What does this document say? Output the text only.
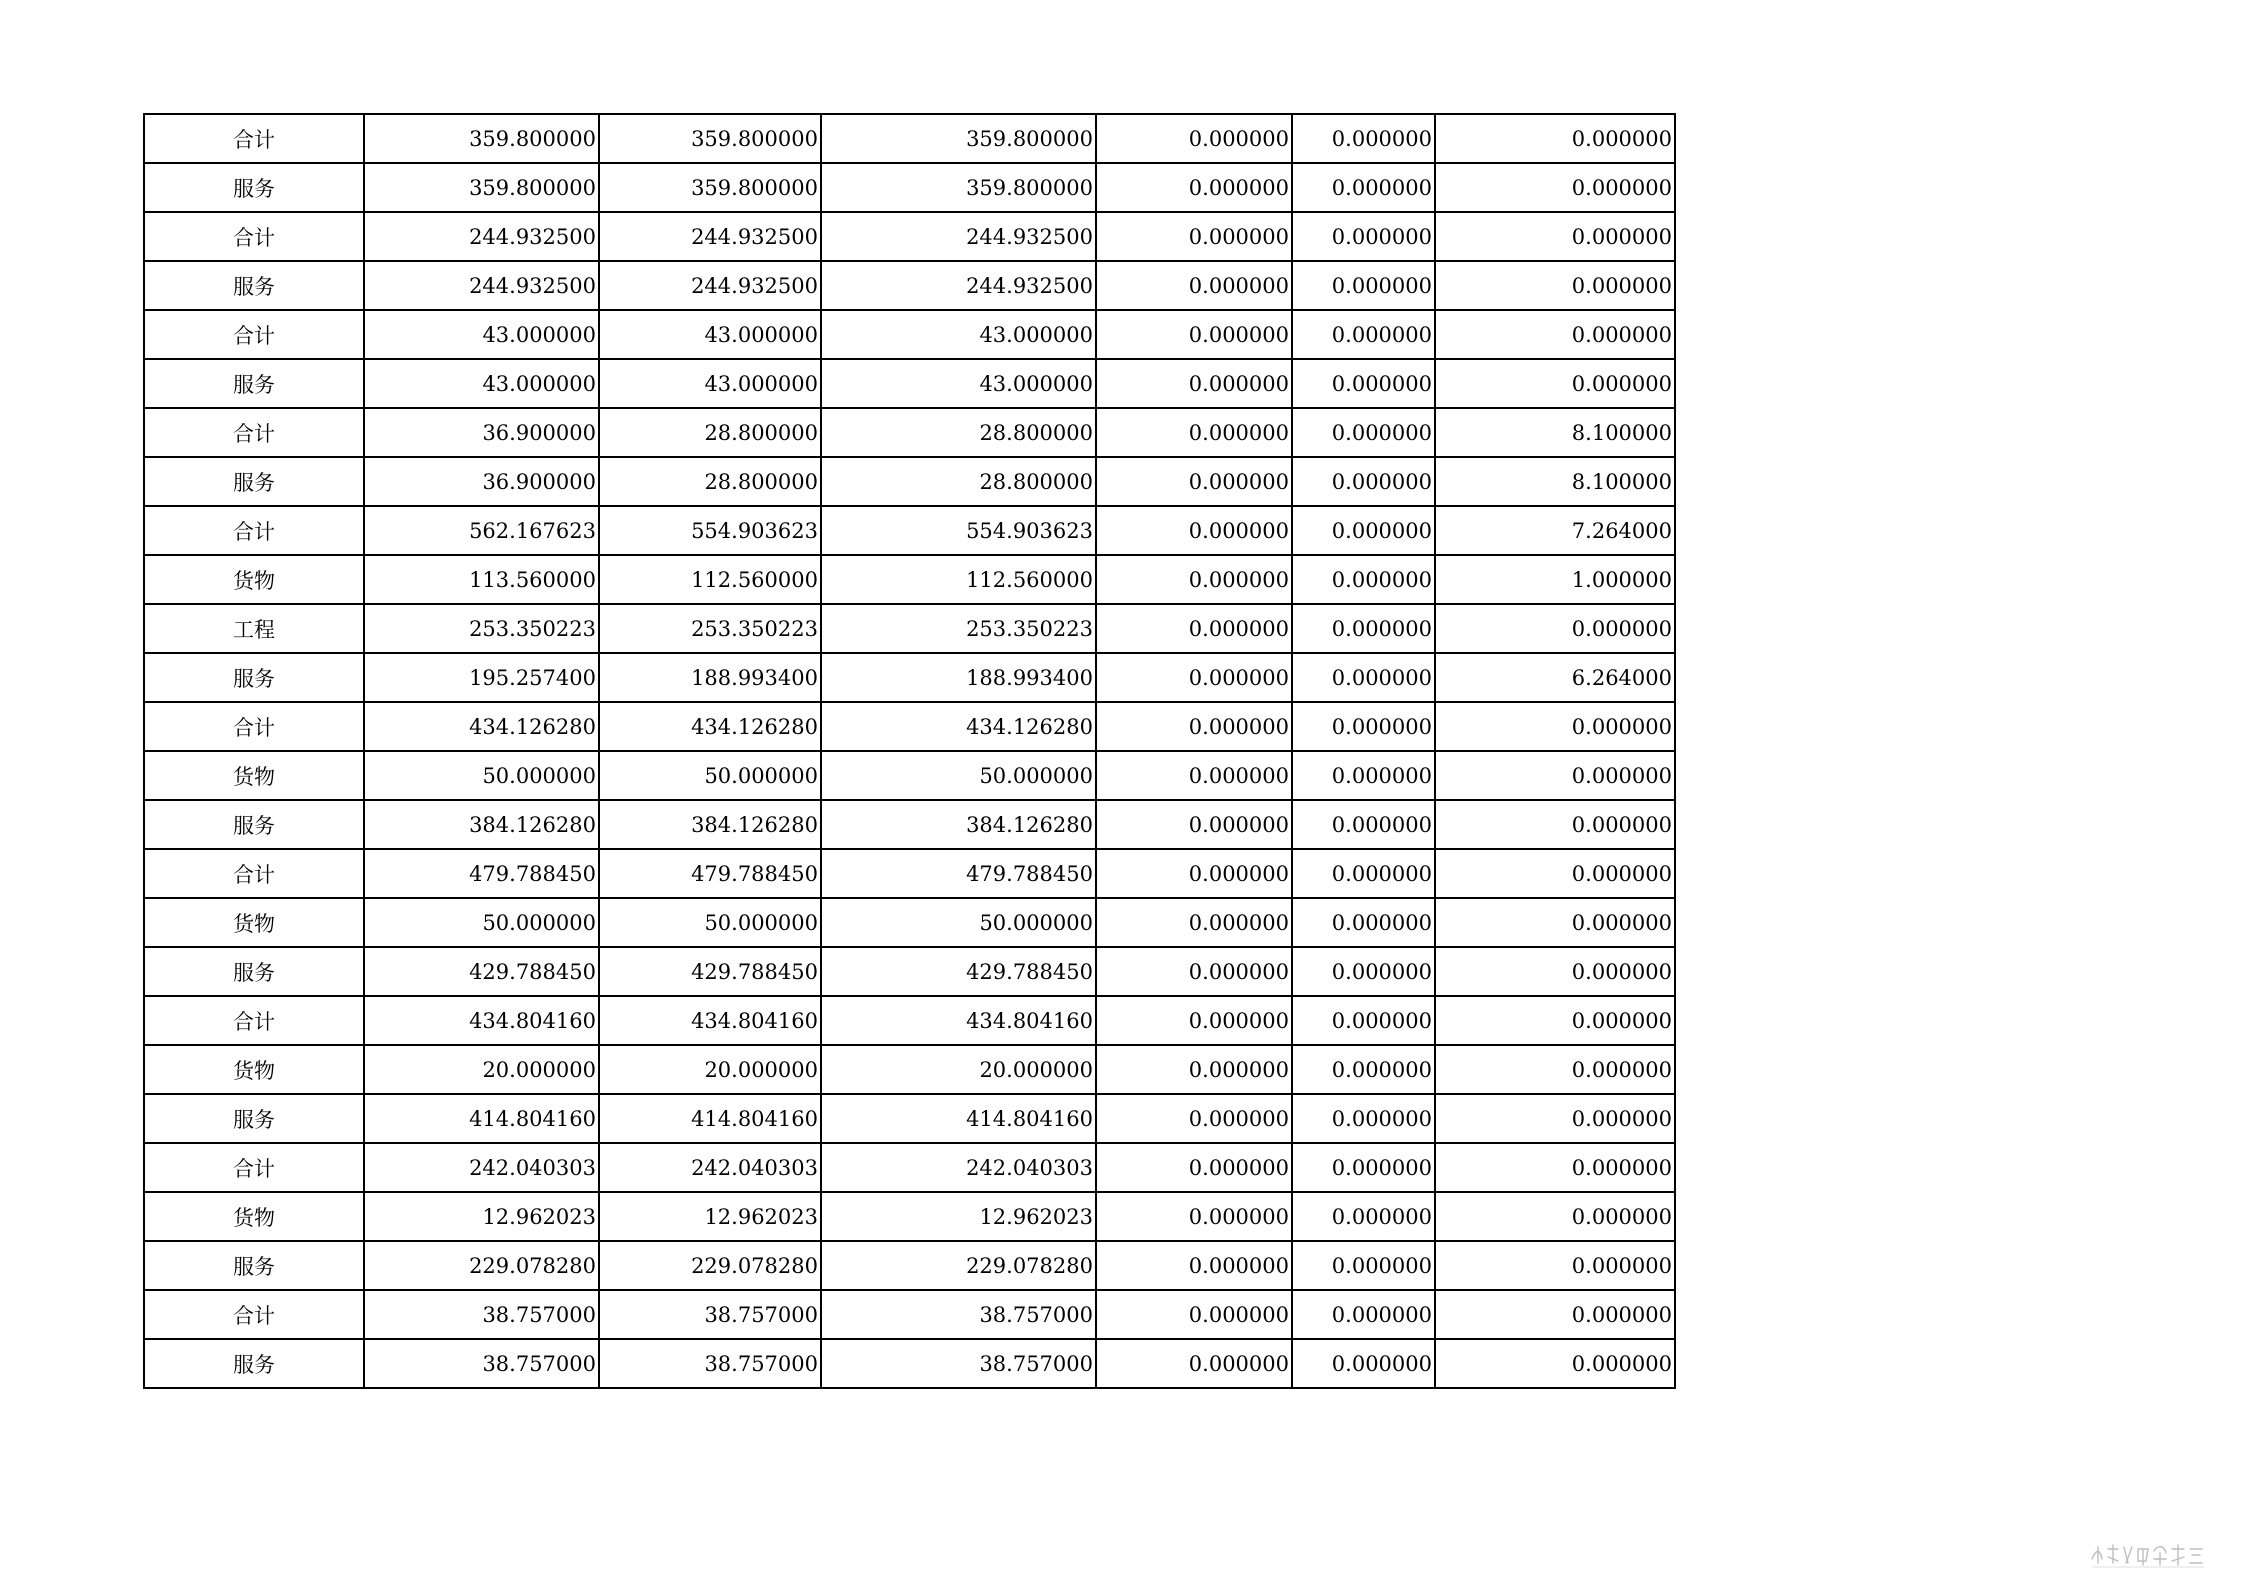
合计	359.800000	359.800000	359.800000	0.000000	0.000000	0.000000
服务	359.800000	359.800000	359.800000	0.000000	0.000000	0.000000
合计	244.932500	244.932500	244.932500	0.000000	0.000000	0.000000
服务	244.932500	244.932500	244.932500	0.000000	0.000000	0.000000
合计	43.000000	43.000000	43.000000	0.000000	0.000000	0.000000
服务	43.000000	43.000000	43.000000	0.000000	0.000000	0.000000
合计	36.900000	28.800000	28.800000	0.000000	0.000000	8.100000
服务	36.900000	28.800000	28.800000	0.000000	0.000000	8.100000
合计	562.167623	554.903623	554.903623	0.000000	0.000000	7.264000
货物	113.560000	112.560000	112.560000	0.000000	0.000000	1.000000
工程	253.350223	253.350223	253.350223	0.000000	0.000000	0.000000
服务	195.257400	188.993400	188.993400	0.000000	0.000000	6.264000
合计	434.126280	434.126280	434.126280	0.000000	0.000000	0.000000
货物	50.000000	50.000000	50.000000	0.000000	0.000000	0.000000
服务	384.126280	384.126280	384.126280	0.000000	0.000000	0.000000
合计	479.788450	479.788450	479.788450	0.000000	0.000000	0.000000
货物	50.000000	50.000000	50.000000	0.000000	0.000000	0.000000
服务	429.788450	429.788450	429.788450	0.000000	0.000000	0.000000
合计	434.804160	434.804160	434.804160	0.000000	0.000000	0.000000
货物	20.000000	20.000000	20.000000	0.000000	0.000000	0.000000
服务	414.804160	414.804160	414.804160	0.000000	0.000000	0.000000
合计	242.040303	242.040303	242.040303	0.000000	0.000000	0.000000
货物	12.962023	12.962023	12.962023	0.000000	0.000000	0.000000
服务	229.078280	229.078280	229.078280	0.000000	0.000000	0.000000
合计	38.757000	38.757000	38.757000	0.000000	0.000000	0.000000
服务	38.757000	38.757000	38.757000	0.000000	0.000000	0.000000
